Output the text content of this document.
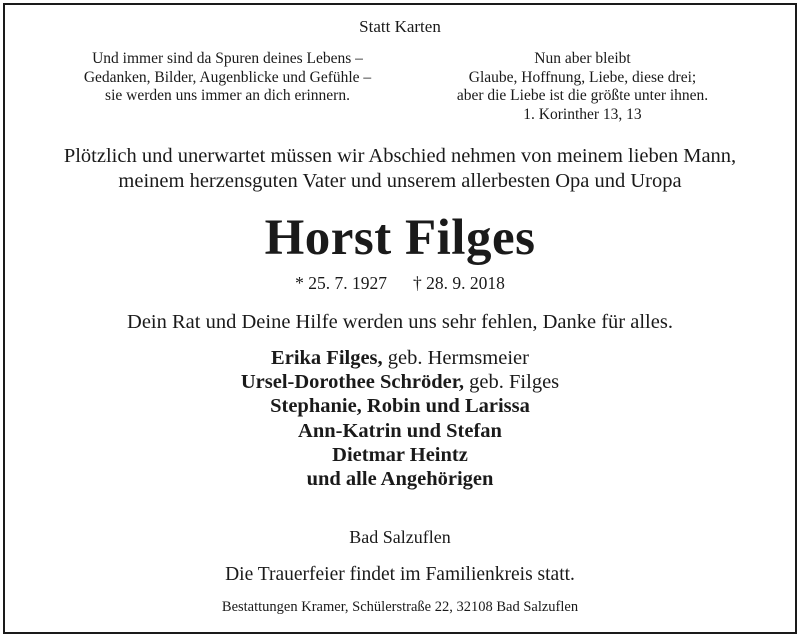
Statt Karten
Und immer sind da Spuren deines Lebens –
Gedanken, Bilder, Augenblicke und Gefühle –
sie werden uns immer an dich erinnern.
Nun aber bleibt
Glaube, Hoffnung, Liebe, diese drei;
aber die Liebe ist die größte unter ihnen.
1. Korinther 13, 13
Plötzlich und unerwartet müssen wir Abschied nehmen von meinem lieben Mann,
meinem herzensguten Vater und unserem allerbesten Opa und Uropa
Horst Filges
* 25. 7. 1927 † 28. 9. 2018
Dein Rat und Deine Hilfe werden uns sehr fehlen, Danke für alles.
Erika Filges, geb. Hermsmeier
Ursel-Dorothee Schröder, geb. Filges
Stephanie, Robin und Larissa
Ann-Katrin und Stefan
Dietmar Heintz
und alle Angehörigen
Bad Salzuflen
Die Trauerfeier findet im Familienkreis statt.
Bestattungen Kramer, Schülerstraße 22, 32108 Bad Salzuflen
